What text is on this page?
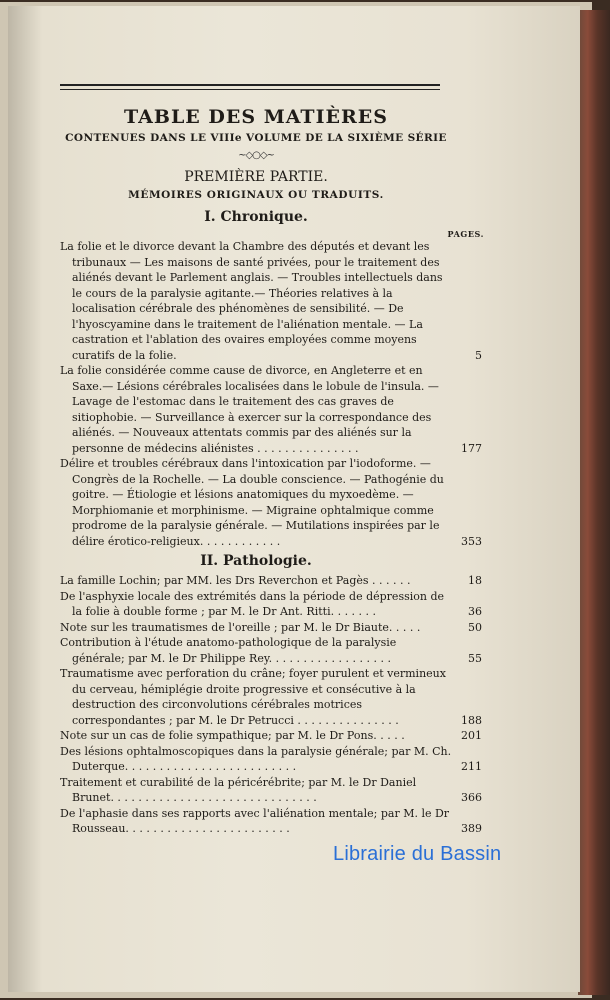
TABLE DES MATIÈRES
CONTENUES DANS LE VIIIe VOLUME DE LA SIXIÈME SÉRIE
~◇○◇~
PREMIÈRE PARTIE.
MÉMOIRES ORIGINAUX OU TRADUITS.
I. Chronique.
PAGES.

La folie et le divorce devant la Chambre des députés et devant les tribunaux — Les maisons de santé privées, pour le traitement des aliénés devant le Parlement anglais. — Troubles intellectuels dans le cours de la paralysie agitante.— Théories relatives à la localisation cérébrale des phénomènes de sensibilité. — De l'hyoscyamine dans le traitement de l'aliénation mentale. — La castration et l'ablation des ovaires employées comme moyens curatifs de la folie.	5

La folie considérée comme cause de divorce, en Angleterre et en Saxe.— Lésions cérébrales localisées dans le lobule de l'insula. — Lavage de l'estomac dans le traitement des cas graves de sitiophobie. — Surveillance à exercer sur la correspondance des aliénés. — Nouveaux attentats commis par des aliénés sur la personne de médecins aliénistes . . . . . . . . . . . . . . .	177

Délire et troubles cérébraux dans l'intoxication par l'iodoforme. — Congrès de la Rochelle. — La double conscience. — Pathogénie du goitre. — Étiologie et lésions anatomiques du myxoedème. — Morphiomanie et morphinisme. — Migraine ophtalmique comme prodrome de la paralysie générale. — Mutilations inspirées par le délire érotico-religieux. . . . . . . . . . . .	353

II. Pathologie.

La famille Lochin; par MM. les Drs Reverchon et Pagès . . . . . .	18

De l'asphyxie locale des extrémités dans la période de dépression de la folie à double forme ; par M. le Dr Ant. Ritti. . . . . . .	36

Note sur les traumatismes de l'oreille ; par M. le Dr Biaute. . . . .	50

Contribution à l'étude anatomo-pathologique de la paralysie générale; par M. le Dr Philippe Rey. . . . . . . . . . . . . . . . . .	55

Traumatisme avec perforation du crâne; foyer purulent et vermineux du cerveau, hémiplégie droite progressive et consécutive à la destruction des circonvolutions cérébrales motrices correspondantes ; par M. le Dr Petrucci . . . . . . . . . . . . . . .	188

Note sur un cas de folie sympathique; par M. le Dr Pons. . . . .	201

Des lésions ophtalmoscopiques dans la paralysie générale; par M. Ch. Duterque. . . . . . . . . . . . . . . . . . . . . . . . .	211

Traitement et curabilité de la péricérébrite; par M. le Dr Daniel Brunet. . . . . . . . . . . . . . . . . . . . . . . . . . . . . .	366

De l'aphasie dans ses rapports avec l'aliénation mentale; par M. le Dr Rousseau. . . . . . . . . . . . . . . . . . . . . . . .	389

Librairie du Bassin
